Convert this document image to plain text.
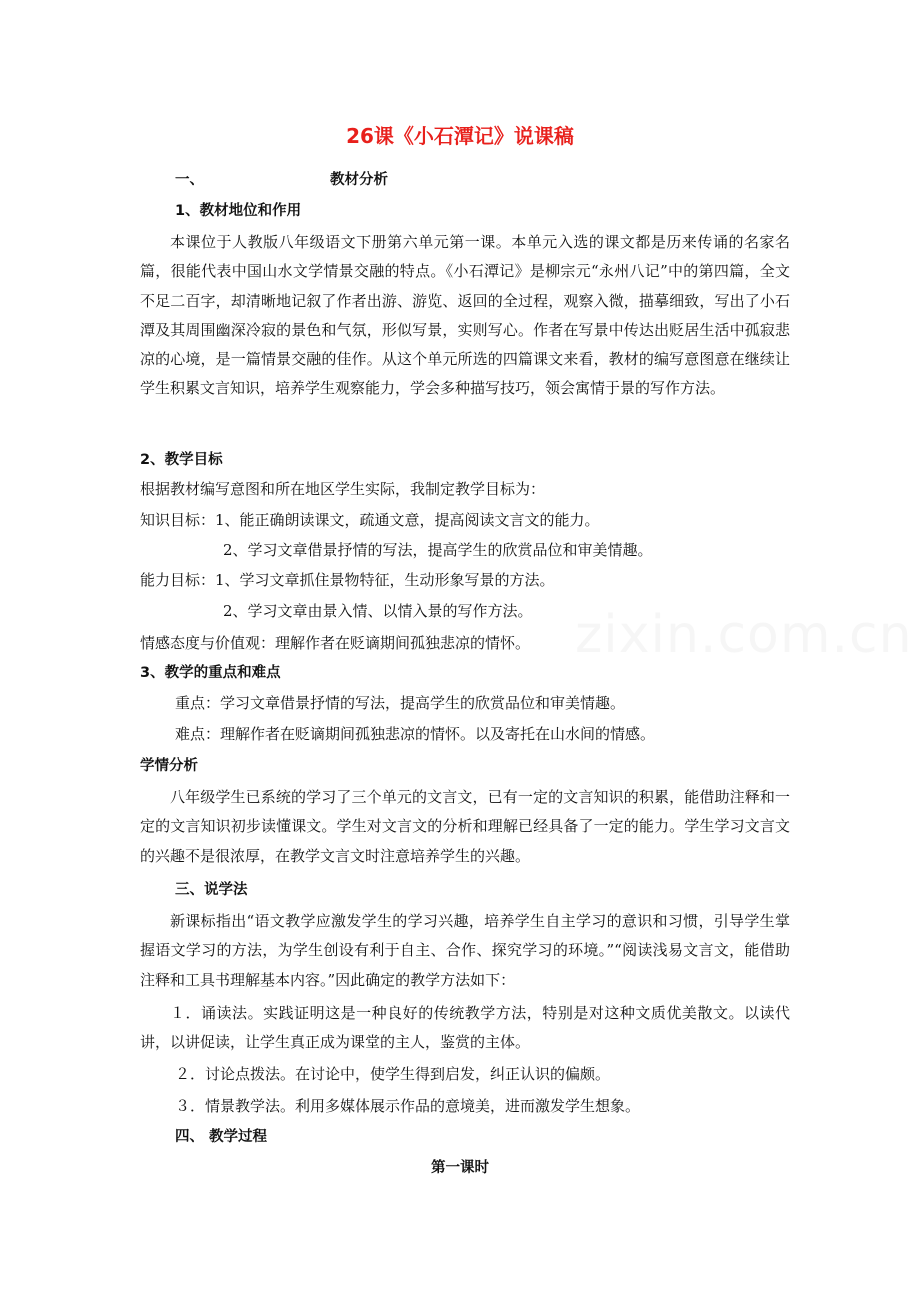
zixin.com.cn
26课《小石潭记》说课稿
一、	教材分析
1、教材地位和作用
本课位于人教版八年级语文下册第六单元第一课。本单元入选的课文都是历来传诵的名家名篇，很能代表中国山水文学情景交融的特点。《小石潭记》是柳宗元“永州八记”中的第四篇，全文不足二百字，却清晰地记叙了作者出游、游览、返回的全过程，观察入微，描摹细致，写出了小石潭及其周围幽深冷寂的景色和气氛，形似写景，实则写心。作者在写景中传达出贬居生活中孤寂悲凉的心境，是一篇情景交融的佳作。从这个单元所选的四篇课文来看，教材的编写意图意在继续让学生积累文言知识，培养学生观察能力，学会多种描写技巧，领会寓情于景的写作方法。
2、教学目标
根据教材编写意图和所在地区学生实际，我制定教学目标为：
知识目标：1、能正确朗读课文，疏通文意，提高阅读文言文的能力。
2、学习文章借景抒情的写法，提高学生的欣赏品位和审美情趣。
能力目标：1、学习文章抓住景物特征，生动形象写景的方法。
2、学习文章由景入情、以情入景的写作方法。
情感态度与价值观：理解作者在贬谪期间孤独悲凉的情怀。
3、教学的重点和难点
重点：学习文章借景抒情的写法，提高学生的欣赏品位和审美情趣。
难点：理解作者在贬谪期间孤独悲凉的情怀。以及寄托在山水间的情感。
学情分析
八年级学生已系统的学习了三个单元的文言文，已有一定的文言知识的积累，能借助注释和一定的文言知识初步读懂课文。学生对文言文的分析和理解已经具备了一定的能力。学生学习文言文的兴趣不是很浓厚，在教学文言文时注意培养学生的兴趣。
三、说学法
新课标指出“语文教学应激发学生的学习兴趣，培养学生自主学习的意识和习惯，引导学生掌握语文学习的方法，为学生创设有利于自主、合作、探究学习的环境。”“阅读浅易文言文，能借助注释和工具书理解基本内容。”因此确定的教学方法如下：
１．诵读法。实践证明这是一种良好的传统教学方法，特别是对这种文质优美散文。以读代讲，以讲促读，让学生真正成为课堂的主人，鉴赏的主体。
２．讨论点拨法。在讨论中，使学生得到启发，纠正认识的偏颇。
３．情景教学法。利用多媒体展示作品的意境美，进而激发学生想象。
四、 教学过程
第一课时
